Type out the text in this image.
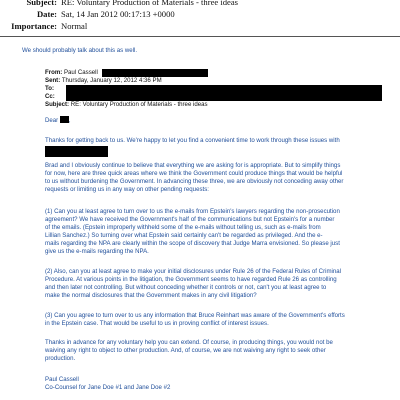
Subject: RE: Voluntary Production of Materials - three ideas
Date: Sat, 14 Jan 2012 00:17:13 +0000
Importance: Normal
We should probably talk about this as well.
From: Paul Cassell
Sent: Thursday, January 12, 2012 4:36 PM
To:
Cc:
Subject: RE: Voluntary Production of Materials - three ideas
Dear ,
Thanks for getting back to us. We're happy to let you find a convenient time to work through these issues with
Brad and I obviously continue to believe that everything we are asking for is appropriate. But to simplify things
for now, here are three quick areas where we think the Government could produce things that would be helpful
to us without burdening the Government. In advancing these three, we are obviously not conceding away other
requests or limiting us in any way on other pending requests:
(1) Can you at least agree to turn over to us the e-mails from Epstein's lawyers regarding the non-prosecution
agreement? We have received the Government's half of the communications but not Epstein's for a number
of the emails. (Epstein improperly withheld some of the e-mails without telling us, such as e-mails from
Lillian Sanchez.) So turning over what Epstein said certainly can't be regarded as privileged. And the e-
mails regarding the NPA are clearly within the scope of discovery that Judge Marra envisioned. So please just
give us the e-mails regarding the NPA.
(2) Also, can you at least agree to make your initial disclosures under Rule 26 of the Federal Rules of Criminal
Procedure. At various points in the litigation, the Government seems to have regarded Rule 26 as controlling
and then later not controlling. But without conceding whether it controls or not, can't you at least agree to
make the normal disclosures that the Government makes in any civil litigation?
(3) Can you agree to turn over to us any information that Bruce Reinhart was aware of the Government's efforts
in the Epstein case. That would be useful to us in proving conflict of interest issues.
Thanks in advance for any voluntary help you can extend. Of course, in producing things, you would not be
waiving any right to object to other production. And, of course, we are not waiving any right to seek other
production.
Paul Cassell
Co-Counsel for Jane Doe #1 and Jane Doe #2
